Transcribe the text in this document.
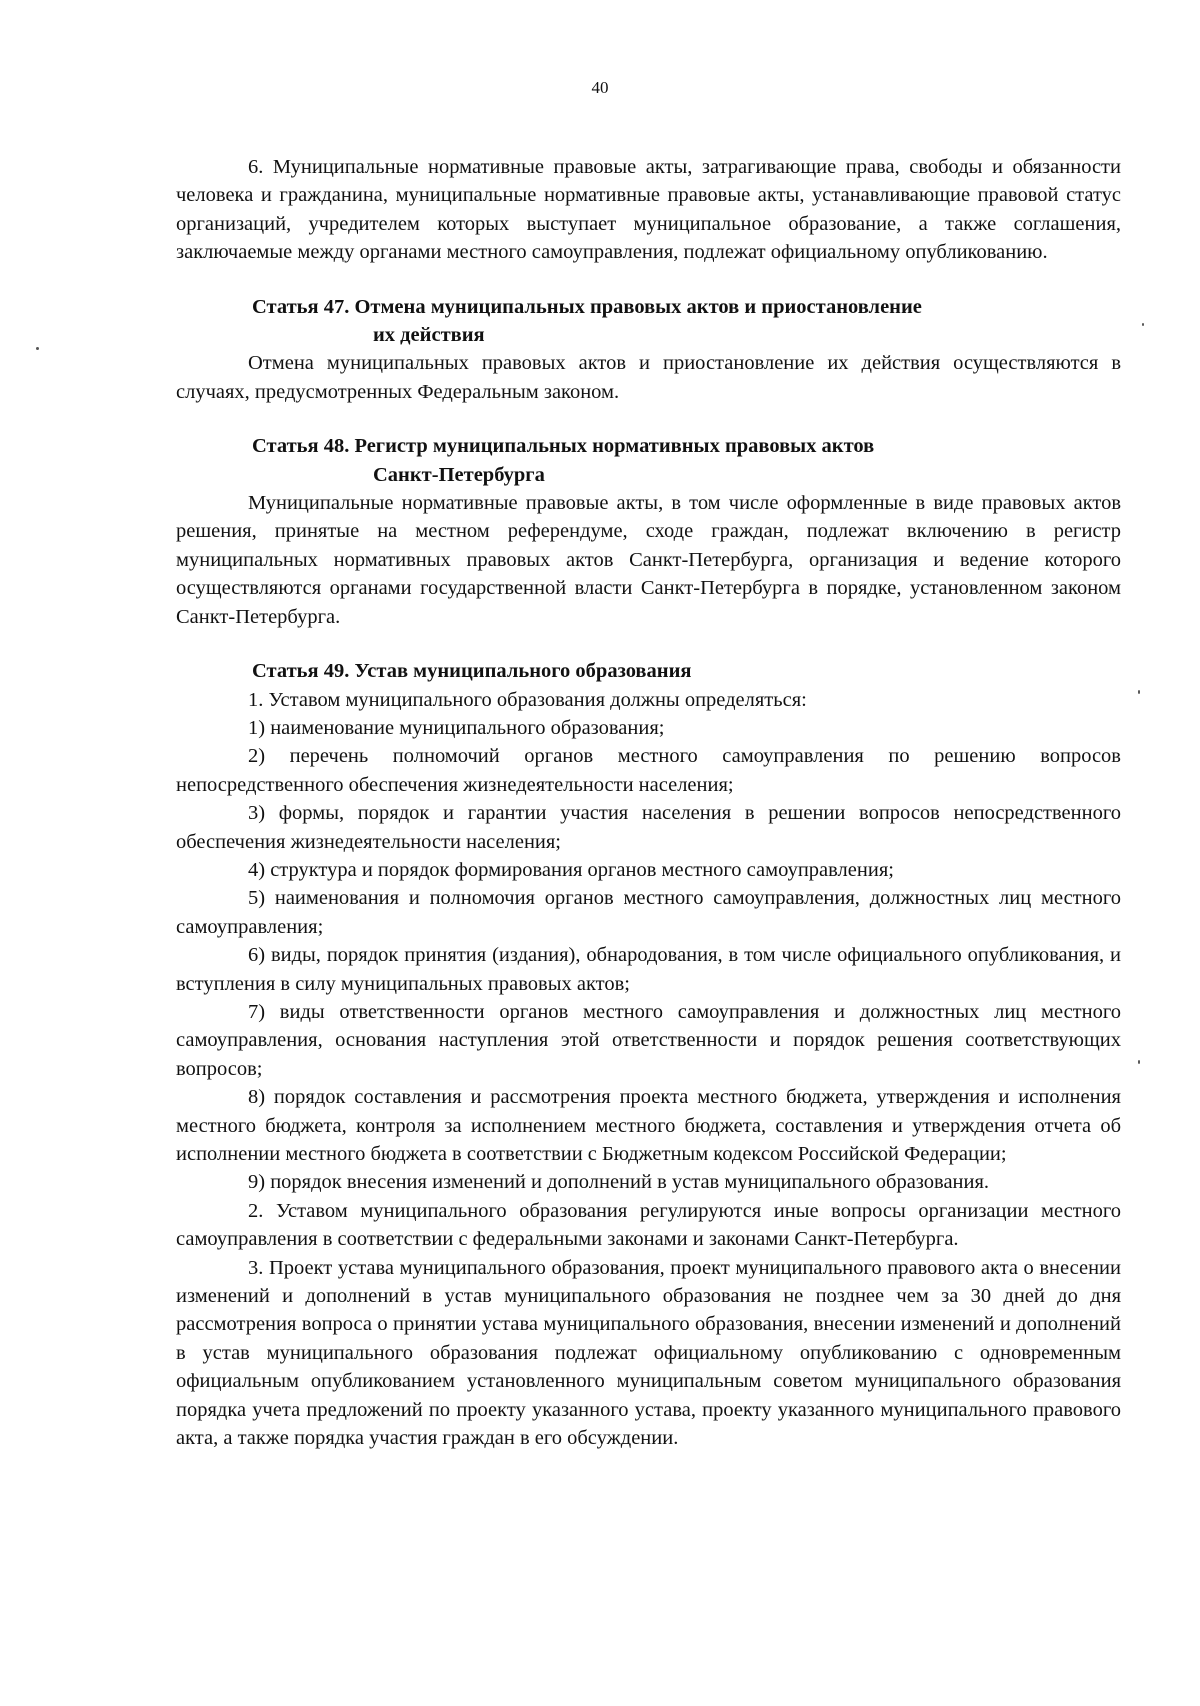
40

6. Муниципальные нормативные правовые акты, затрагивающие права, свободы и обязанности человека и гражданина, муниципальные нормативные правовые акты, устанавливающие правовой статус организаций, учредителем которых выступает муниципальное образование, а также соглашения, заключаемые между органами местного самоуправления, подлежат официальному опубликованию.

Статья 47. Отмена муниципальных правовых актов и приостановление
их действия

Отмена муниципальных правовых актов и приостановление их действия осуществляются в случаях, предусмотренных Федеральным законом.

Статья 48. Регистр муниципальных нормативных правовых актов
Санкт-Петербурга

Муниципальные нормативные правовые акты, в том числе оформленные в виде правовых актов решения, принятые на местном референдуме, сходе граждан, подлежат включению в регистр муниципальных нормативных правовых актов Санкт-Петербурга, организация и ведение которого осуществляются органами государственной власти Санкт-Петербурга в порядке, установленном законом Санкт-Петербурга.

Статья 49. Устав муниципального образования

1. Уставом муниципального образования должны определяться:

1) наименование муниципального образования;

2) перечень полномочий органов местного самоуправления по решению вопросов непосредственного обеспечения жизнедеятельности населения;

3) формы, порядок и гарантии участия населения в решении вопросов непосредственного обеспечения жизнедеятельности населения;

4) структура и порядок формирования органов местного самоуправления;

5) наименования и полномочия органов местного самоуправления, должностных лиц местного самоуправления;

6) виды, порядок принятия (издания), обнародования, в том числе официального опубликования, и вступления в силу муниципальных правовых актов;

7) виды ответственности органов местного самоуправления и должностных лиц местного самоуправления, основания наступления этой ответственности и порядок решения соответствующих вопросов;

8) порядок составления и рассмотрения проекта местного бюджета, утверждения и исполнения местного бюджета, контроля за исполнением местного бюджета, составления и утверждения отчета об исполнении местного бюджета в соответствии с Бюджетным кодексом Российской Федерации;

9) порядок внесения изменений и дополнений в устав муниципального образования.

2. Уставом муниципального образования регулируются иные вопросы организации местного самоуправления в соответствии с федеральными законами и законами Санкт-Петербурга.

3. Проект устава муниципального образования, проект муниципального правового акта о внесении изменений и дополнений в устав муниципального образования не позднее чем за 30 дней до дня рассмотрения вопроса о принятии устава муниципального образования, внесении изменений и дополнений в устав муниципального образования подлежат официальному опубликованию с одновременным официальным опубликованием установленного муниципальным советом муниципального образования порядка учета предложений по проекту указанного устава, проекту указанного муниципального правового акта, а также порядка участия граждан в его обсуждении.
